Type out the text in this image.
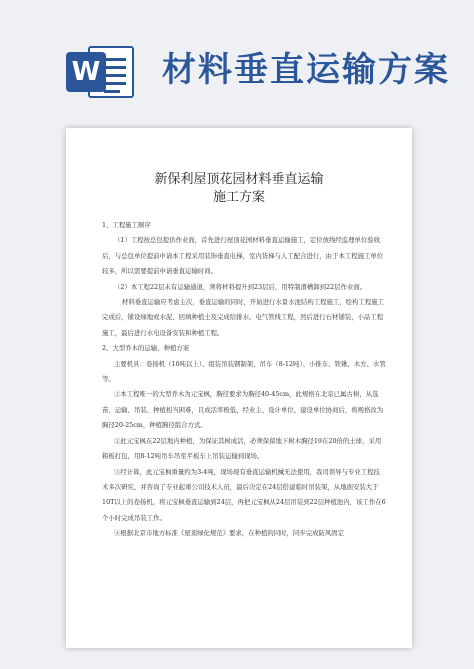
W 材料垂直运输方案
新保利屋顶花园材料垂直运输
施工方案

1、工程施工顺序

（1）工程按总包提供作业面，首先进行屋顶花园材料垂直运输施工，定位放线经监理单位验收后，与总包单位提前申请本工程采用装饰垂直电梯，室内货梯与人工配合进行，由于本工程施工单位较多，所以需要提前申请垂直运输时间。

（2）本工程22层未有运输通道，须将材料提升到23层后，用特制滑槽卸到22层作业面。

材料垂直运输应考虑主次，垂直运输的同时，开始进行水景水池结构工程施工，绘构工程施工完成后，铺设绿地或水泥、回填种植土及完成给排水、电气管线工程，然后进行石材铺装，小品工程施工，最后进行水电设备安装和种植工程。

2、大型乔木的运输、种植方案

主要机具：卷扬机（10吨以上）、组装吊装钢制架、吊车（8-12吨）、小推车、铁锹、木方、水管等。

①本工程唯一的大型乔木为元宝枫，胸径要求为胸径40-45cm，此规格在北京已属古树，从选苗、运输、吊装、种植相当困难，且成活率极低，经业主、设计单位、建设单位协商后，将规格改为胸径20-25cm，种植胸径组合方式。

②此元宝枫在22层地内种植，为保证其树成活，必须保留地下树木胸径19在20倍的土球，采用箱板打包，用8-12吨吊车吊至平板车上吊装运输到现场。

③经计算，此元宝枫重量约为3-4吨，现场现有垂直运输机械无法使用，我司领导与专业工程技术多次研究，并咨询了专业起重公司技术人员，最后决定在24层搭建临时吊装架，从地面安装大于10T以上的卷扬机，将元宝枫垂直运输到24层，再把元宝枫从24层吊装到22层种植池内，该工作在6个小时完成吊装工作。

④根据北京市地方标准《屋顶绿化规范》要求，在种植的同时，同步完成防风固定
